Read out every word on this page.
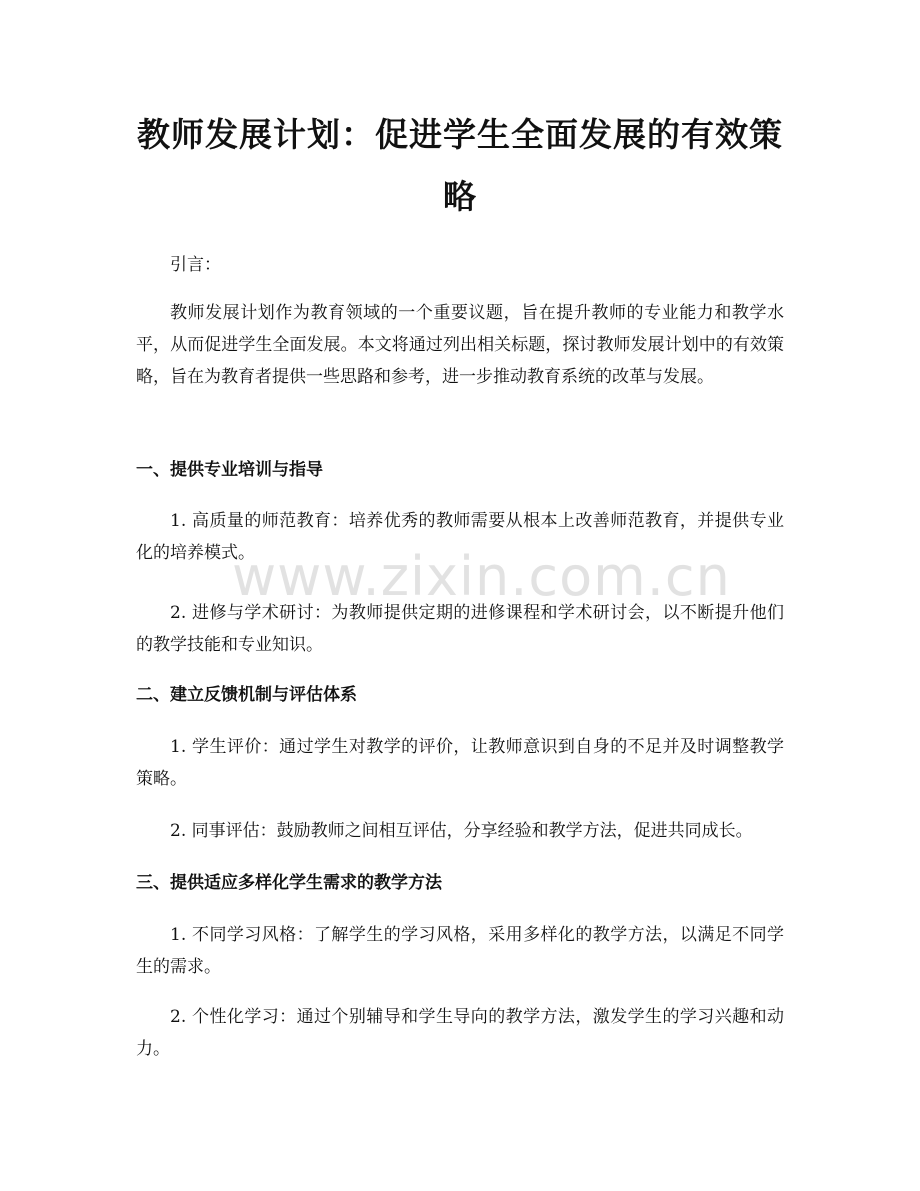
教师发展计划：促进学生全面发展的有效策略
引言：
教师发展计划作为教育领域的一个重要议题，旨在提升教师的专业能力和教学水平，从而促进学生全面发展。本文将通过列出相关标题，探讨教师发展计划中的有效策略，旨在为教育者提供一些思路和参考，进一步推动教育系统的改革与发展。
一、提供专业培训与指导
1. 高质量的师范教育：培养优秀的教师需要从根本上改善师范教育，并提供专业化的培养模式。
2. 进修与学术研讨：为教师提供定期的进修课程和学术研讨会，以不断提升他们的教学技能和专业知识。
二、建立反馈机制与评估体系
1. 学生评价：通过学生对教学的评价，让教师意识到自身的不足并及时调整教学策略。
2. 同事评估：鼓励教师之间相互评估，分享经验和教学方法，促进共同成长。
三、提供适应多样化学生需求的教学方法
1. 不同学习风格：了解学生的学习风格，采用多样化的教学方法，以满足不同学生的需求。
2. 个性化学习：通过个别辅导和学生导向的教学方法，激发学生的学习兴趣和动力。
www.zixin.com.cn
